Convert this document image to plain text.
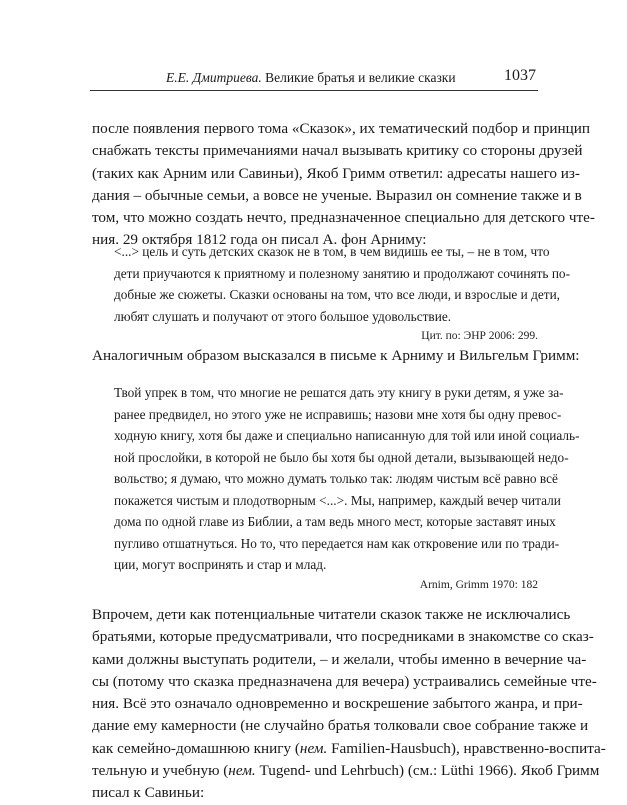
Е.Е. Дмитриева. Великие братья и великие сказки	1037
после появления первого тома «Сказок», их тематический подбор и принцип
снабжать тексты примечаниями начал вызывать критику со стороны друзей
(таких как Арним или Савиньи), Якоб Гримм ответил: адресаты нашего из-
дания – обычные семьи, а вовсе не ученые. Выразил он сомнение также и в
том, что можно создать нечто, предназначенное специально для детского чте-
ния. 29 октября 1812 года он писал А. фон Арниму:
<...> цель и суть детских сказок не в том, в чем видишь ее ты, – не в том, что
дети приучаются к приятному и полезному занятию и продолжают сочинять по-
добные же сюжеты. Сказки основаны на том, что все люди, и взрослые и дети,
любят слушать и получают от этого большое удовольствие.
Цит. по: ЭНР 2006: 299.
Аналогичным образом высказался в письме к Арниму и Вильгельм Гримм:
Твой упрек в том, что многие не решатся дать эту книгу в руки детям, я уже за-
ранее предвидел, но этого уже не исправишь; назови мне хотя бы одну превос-
ходную книгу, хотя бы даже и специально написанную для той или иной социаль-
ной прослойки, в которой не было бы хотя бы одной детали, вызывающей недо-
вольство; я думаю, что можно думать только так: людям чистым всё равно всё
покажется чистым и плодотворным <...>. Мы, например, каждый вечер читали
дома по одной главе из Библии, а там ведь много мест, которые заставят иных
пугливо отшатнуться. Но то, что передается нам как откровение или по тради-
ции, могут воспринять и стар и млад.
Arnim, Grimm 1970: 182
Впрочем, дети как потенциальные читатели сказок также не исключались
братьями, которые предусматривали, что посредниками в знакомстве со сказ-
ками должны выступать родители, – и желали, чтобы именно в вечерние ча-
сы (потому что сказка предназначена для вечера) устраивались семейные чте-
ния. Всё это означало одновременно и воскрешение забытого жанра, и при-
дание ему камерности (не случайно братья толковали свое собрание также и
как семейно-домашнюю книгу (нем. Familien-Hausbuch), нравственно-воспита-
тельную и учебную (нем. Tugend- und Lehrbuch) (см.: Lüthi 1966). Якоб Гримм
писал к Савиньи:
